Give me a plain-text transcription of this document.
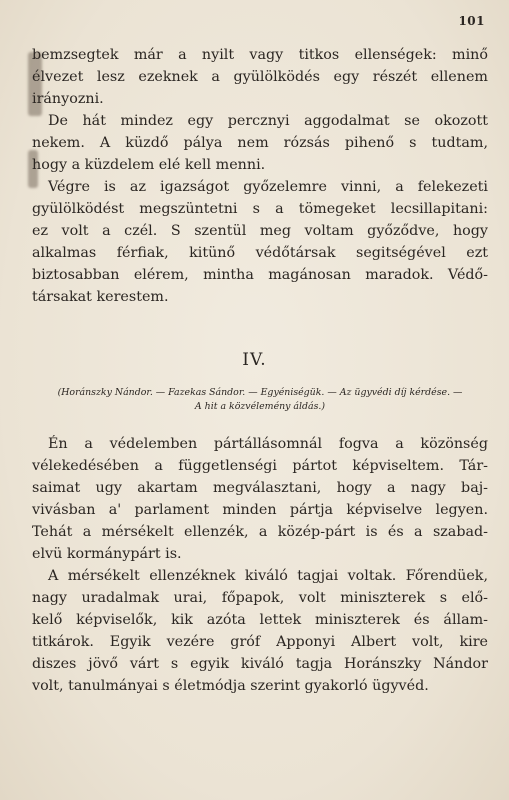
101
bemzsegtek már a nyilt vagy titkos ellenségek: minő
élvezet lesz ezeknek a gyülölködés egy részét ellenem
irányozni.
De hát mindez egy percznyi aggodalmat se okozott
nekem. A küzdő pálya nem rózsás pihenő s tudtam,
hogy a küzdelem elé kell menni.
Végre is az igazságot győzelemre vinni, a felekezeti
gyülölködést megszüntetni s a tömegeket lecsillapitani:
ez volt a czél. S szentül meg voltam győződve, hogy
alkalmas férfiak, kitünő védőtársak segitségével ezt
biztosabban elérem, mintha magánosan maradok. Védő-
társakat kerestem.
IV.
(Horánszky Nándor. — Fazekas Sándor. — Egyéniségük. — Az ügyvédi díj kérdése. —
A hit a közvélemény áldás.)
Én a védelemben pártállásomnál fogva a közönség
vélekedésében a függetlenségi pártot képviseltem. Tár-
saimat ugy akartam megválasztani, hogy a nagy baj-
vivásban a' parlament minden pártja képviselve legyen.
Tehát a mérsékelt ellenzék, a közép-párt is és a szabad-
elvü kormánypárt is.
A mérsékelt ellenzéknek kiváló tagjai voltak. Főrendüek,
nagy uradalmak urai, főpapok, volt miniszterek s elő-
kelő képviselők, kik azóta lettek miniszterek és állam-
titkárok. Egyik vezére gróf Apponyi Albert volt, kire
diszes jövő várt s egyik kiváló tagja Horánszky Nándor
volt, tanulmányai s életmódja szerint gyakorló ügyvéd.
